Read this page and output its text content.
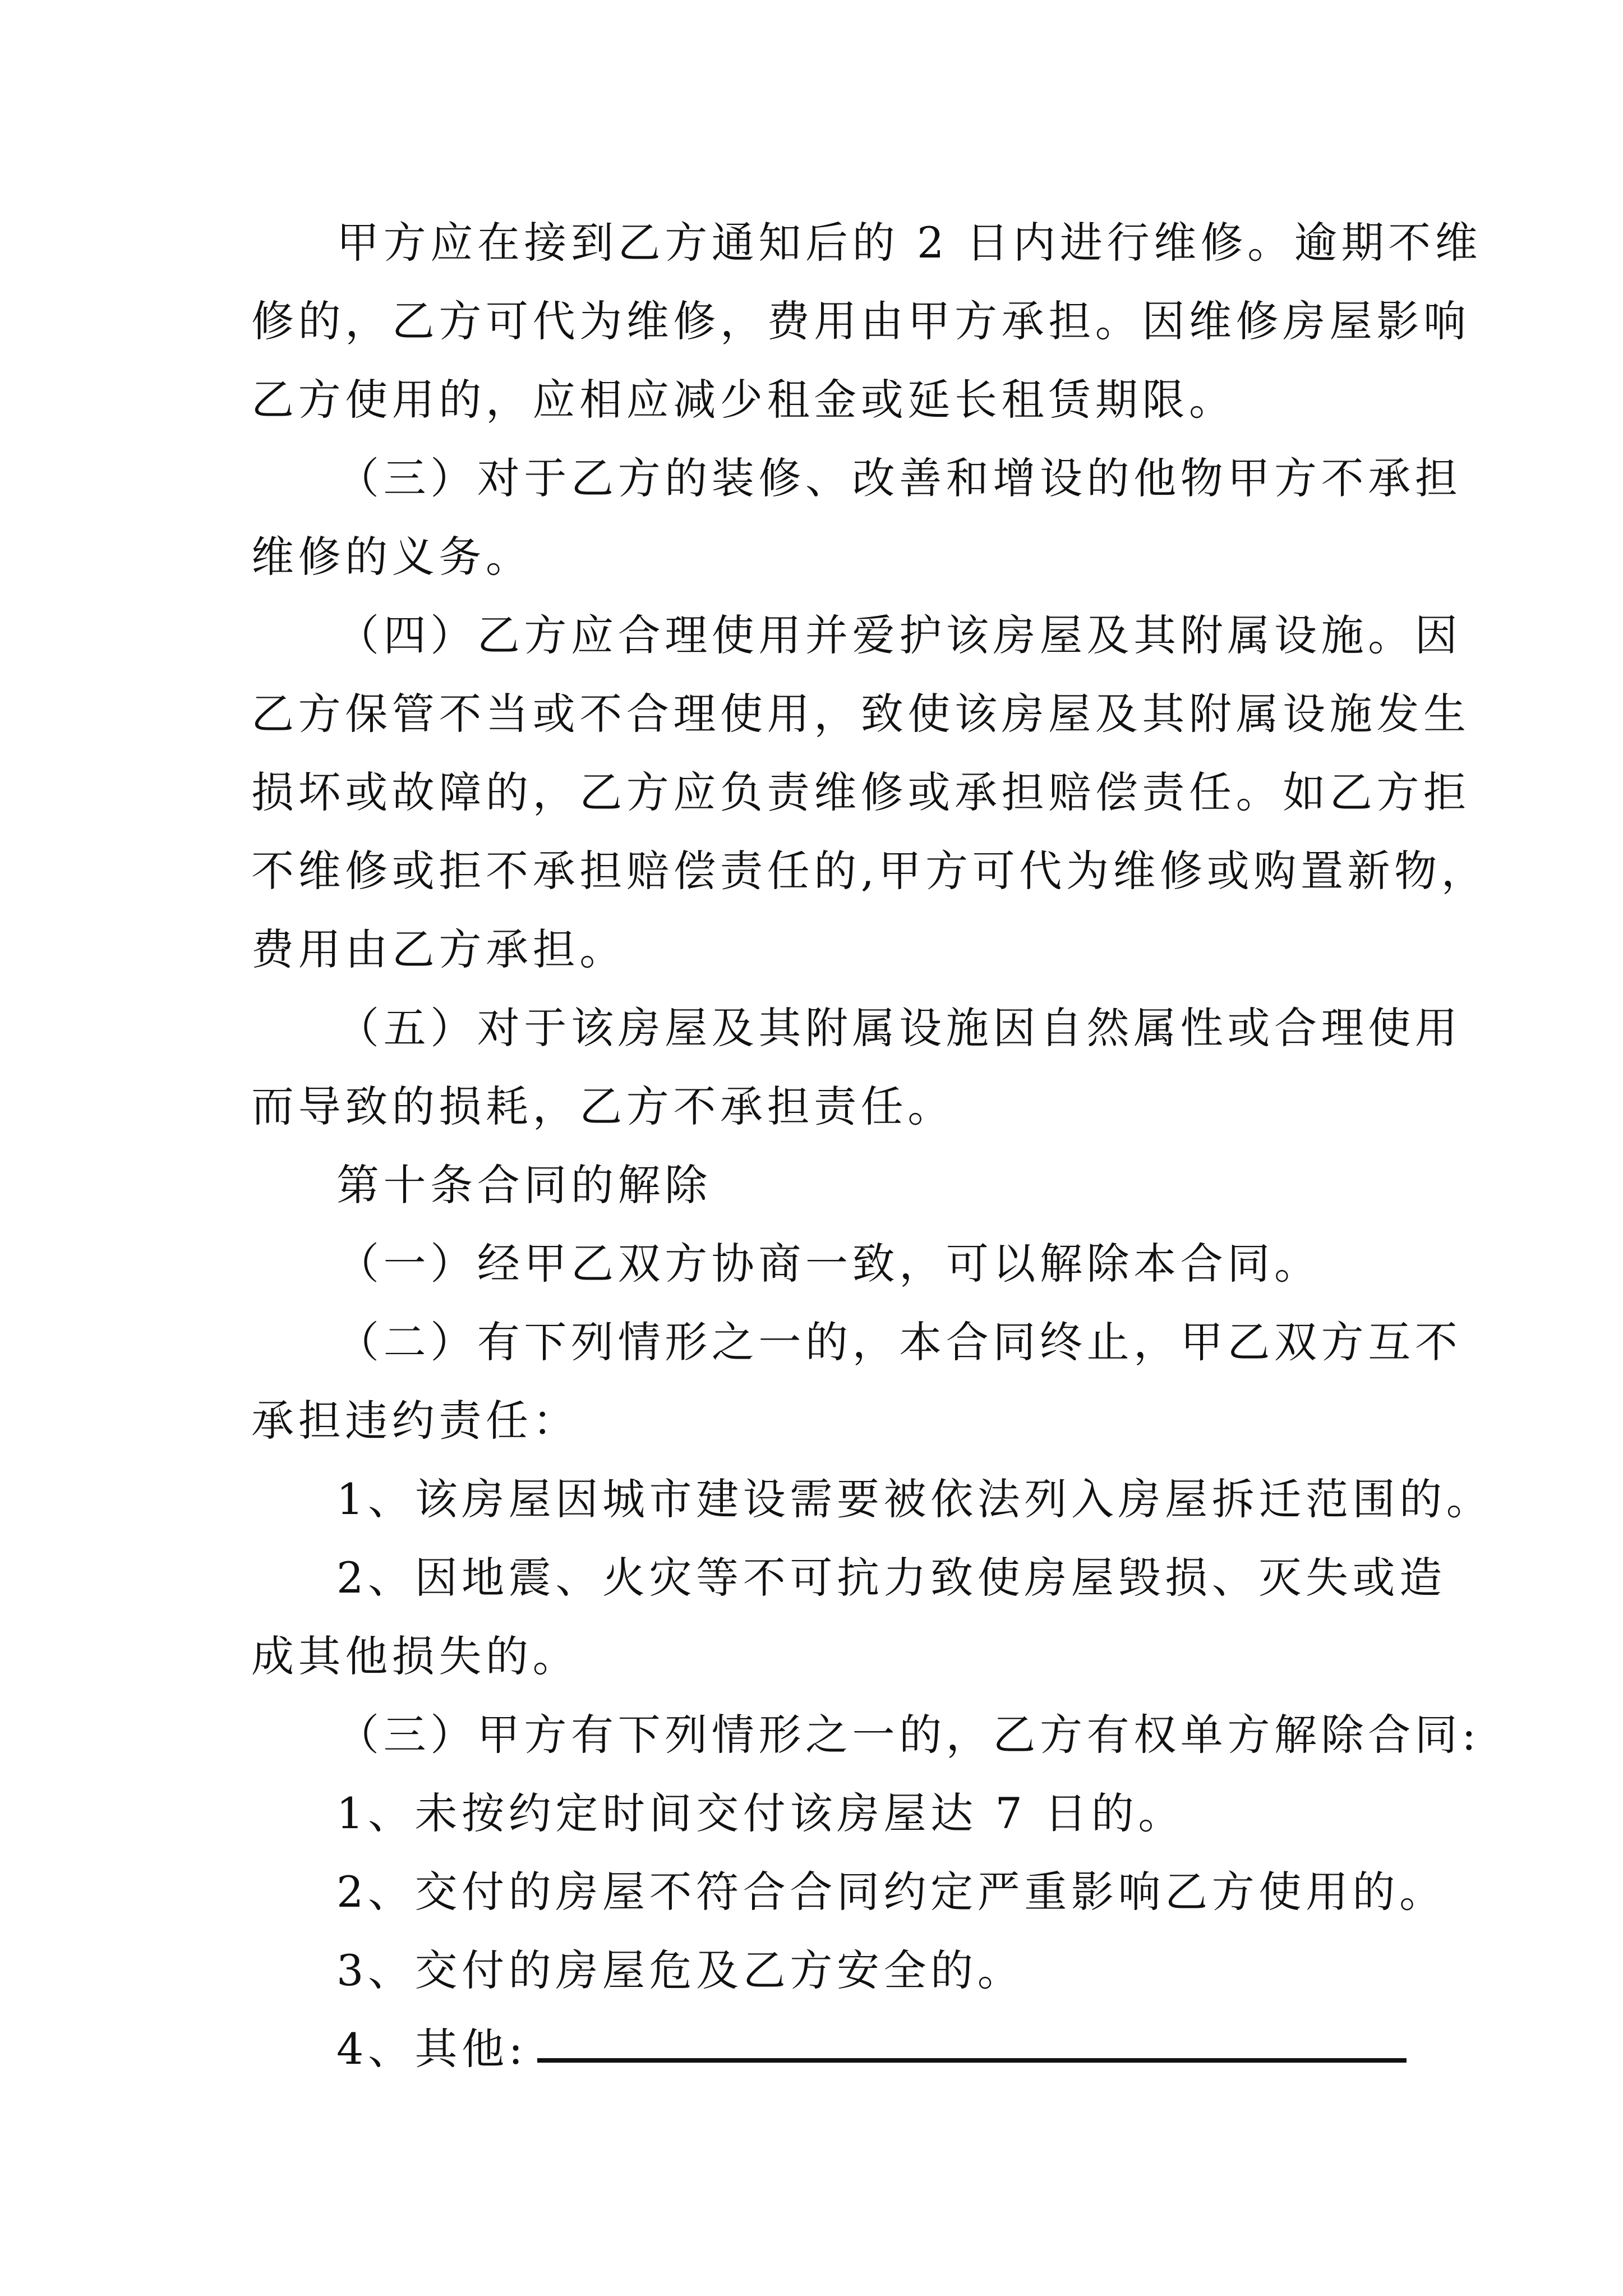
甲方应在接到乙方通知后的 2 日内进行维修。逾期不维
修的，乙方可代为维修，费用由甲方承担。因维修房屋影响
乙方使用的，应相应减少租金或延长租赁期限。
（三）对于乙方的装修、改善和增设的他物甲方不承担
维修的义务。
（四）乙方应合理使用并爱护该房屋及其附属设施。因
乙方保管不当或不合理使用，致使该房屋及其附属设施发生
损坏或故障的，乙方应负责维修或承担赔偿责任。如乙方拒
不维修或拒不承担赔偿责任的,甲方可代为维修或购置新物，
费用由乙方承担。
（五）对于该房屋及其附属设施因自然属性或合理使用
而导致的损耗，乙方不承担责任。
第十条合同的解除
（一）经甲乙双方协商一致，可以解除本合同。
（二）有下列情形之一的，本合同终止，甲乙双方互不
承担违约责任：
1、该房屋因城市建设需要被依法列入房屋拆迁范围的。
2、因地震、火灾等不可抗力致使房屋毁损、灭失或造
成其他损失的。
（三）甲方有下列情形之一的，乙方有权单方解除合同:
1、未按约定时间交付该房屋达 7 日的。
2、交付的房屋不符合合同约定严重影响乙方使用的。
3、交付的房屋危及乙方安全的。
4、其他:
